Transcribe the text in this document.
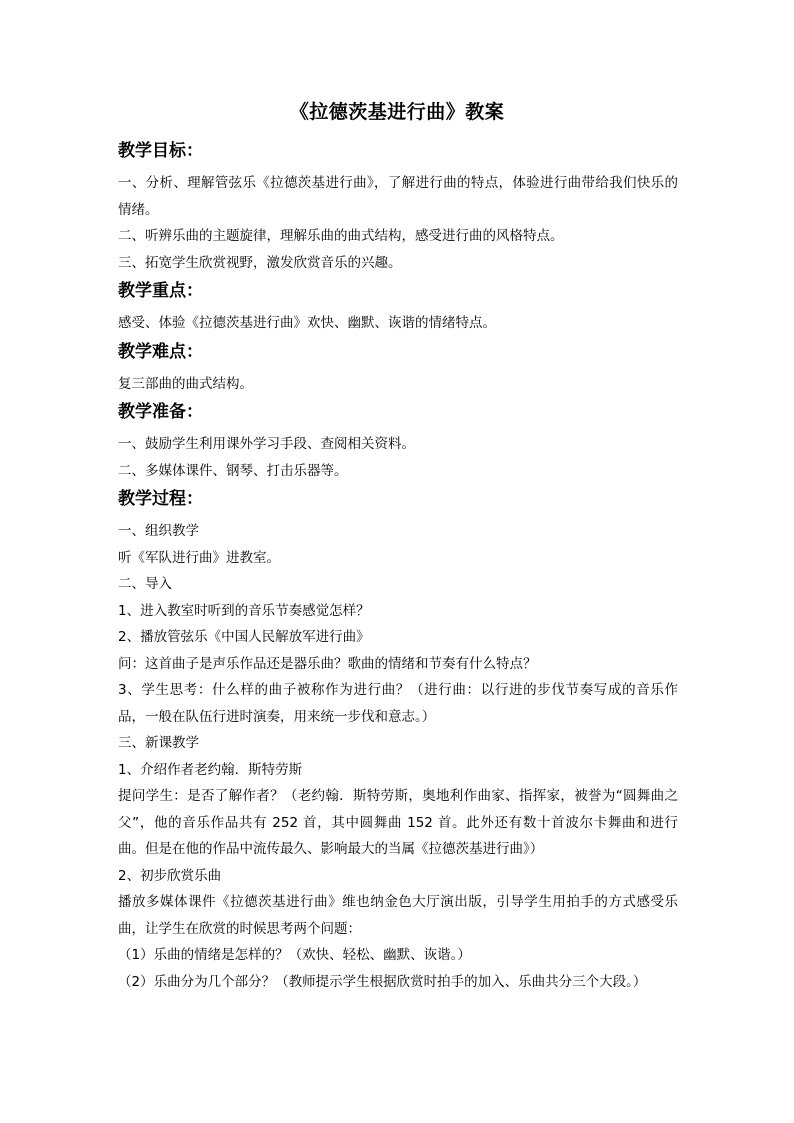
《拉德茨基进行曲》教案
教学目标：

一、分析、理解管弦乐《拉德茨基进行曲》，了解进行曲的特点，体验进行曲带给我们快乐的情绪。

二、听辨乐曲的主题旋律，理解乐曲的曲式结构，感受进行曲的风格特点。

三、拓宽学生欣赏视野，激发欣赏音乐的兴趣。

教学重点：

感受、体验《拉德茨基进行曲》欢快、幽默、诙谐的情绪特点。

教学难点：

复三部曲的曲式结构。

教学准备：

一、鼓励学生利用课外学习手段、查阅相关资料。

二、多媒体课件、钢琴、打击乐器等。

教学过程：

一、组织教学

听《军队进行曲》进教室。

二、导入

1、进入教室时听到的音乐节奏感觉怎样？

2、播放管弦乐《中国人民解放军进行曲》

问：这首曲子是声乐作品还是器乐曲？歌曲的情绪和节奏有什么特点？

3、学生思考：什么样的曲子被称作为进行曲？（进行曲：以行进的步伐节奏写成的音乐作品，一般在队伍行进时演奏，用来统一步伐和意志。）

三、新课教学

1、介绍作者老约翰．斯特劳斯

提问学生：是否了解作者？（老约翰．斯特劳斯，奥地利作曲家、指挥家，被誉为“圆舞曲之父”，他的音乐作品共有 252 首，其中圆舞曲 152 首。此外还有数十首波尔卡舞曲和进行曲。但是在他的作品中流传最久、影响最大的当属《拉德茨基进行曲》）

2、初步欣赏乐曲

播放多媒体课件《拉德茨基进行曲》维也纳金色大厅演出版，引导学生用拍手的方式感受乐曲，让学生在欣赏的时候思考两个问题：

（1）乐曲的情绪是怎样的？（欢快、轻松、幽默、诙谐。）

（2）乐曲分为几个部分？（教师提示学生根据欣赏时拍手的加入、乐曲共分三个大段。）
